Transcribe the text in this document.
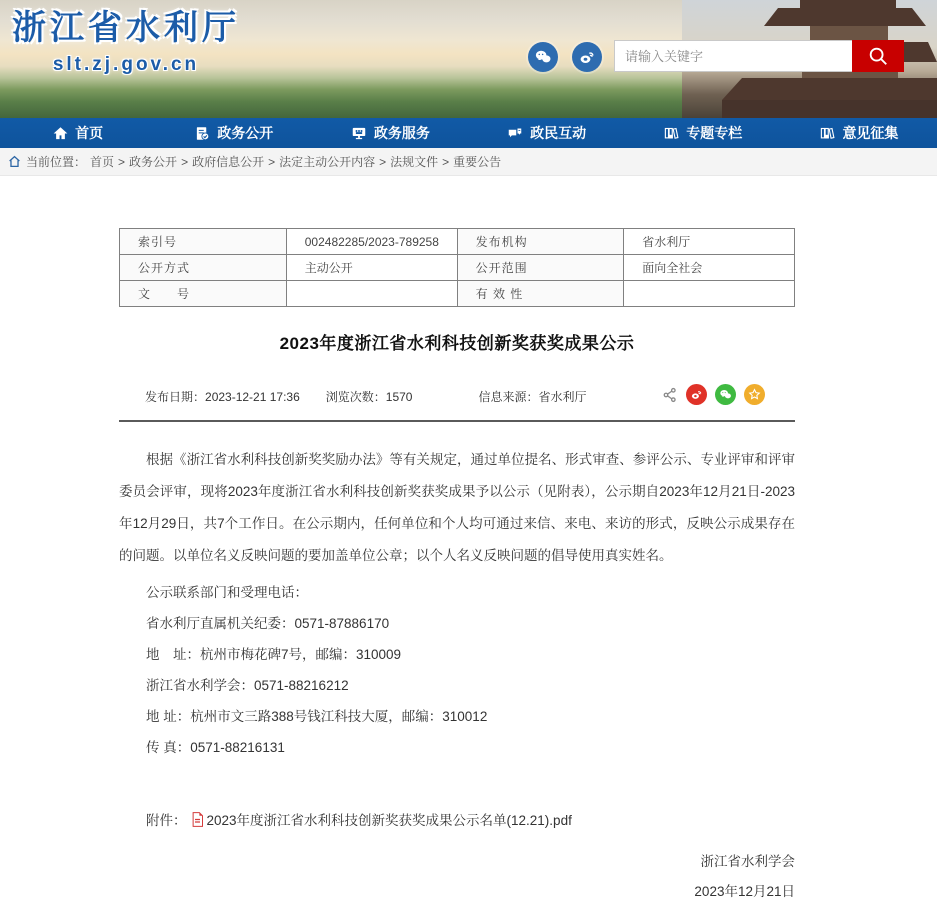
浙江省水利厅
slt.zj.gov.cn
请输入关键字
首页	政务公开	政务服务	政民互动	专题专栏	意见征集
当前位置： 首页 > 政务公开 > 政府信息公开 > 法定主动公开内容 > 法规文件 > 重要公告
索引号	002482285/2023-789258	发布机构	省水利厅
公开方式	主动公开	公开范围	面向全社会
文　　号		有 效 性	
2023年度浙江省水利科技创新奖获奖成果公示
发布日期：2023-12-21 17:36 浏览次数：1570	信息来源：省水利厅

根据《浙江省水利科技创新奖奖励办法》等有关规定，通过单位提名、形式审查、参评公示、专业评审和评审委员会评审，现将2023年度浙江省水利科技创新奖获奖成果予以公示（见附表），公示期自2023年12月21日-2023年12月29日，共7个工作日。在公示期内，任何单位和个人均可通过来信、来电、来访的形式，反映公示成果存在的问题。以单位名义反映问题的要加盖单位公章；以个人名义反映问题的倡导使用真实姓名。

公示联系部门和受理电话：
省水利厅直属机关纪委：0571-87886170
地　址：杭州市梅花碑7号，邮编：310009
浙江省水利学会：0571-88216212
地 址：杭州市文三路388号钱江科技大厦，邮编：310012
传 真：0571-88216131
附件： 2023年度浙江省水利科技创新奖获奖成果公示名单(12.21).pdf
浙江省水利学会
2023年12月21日
